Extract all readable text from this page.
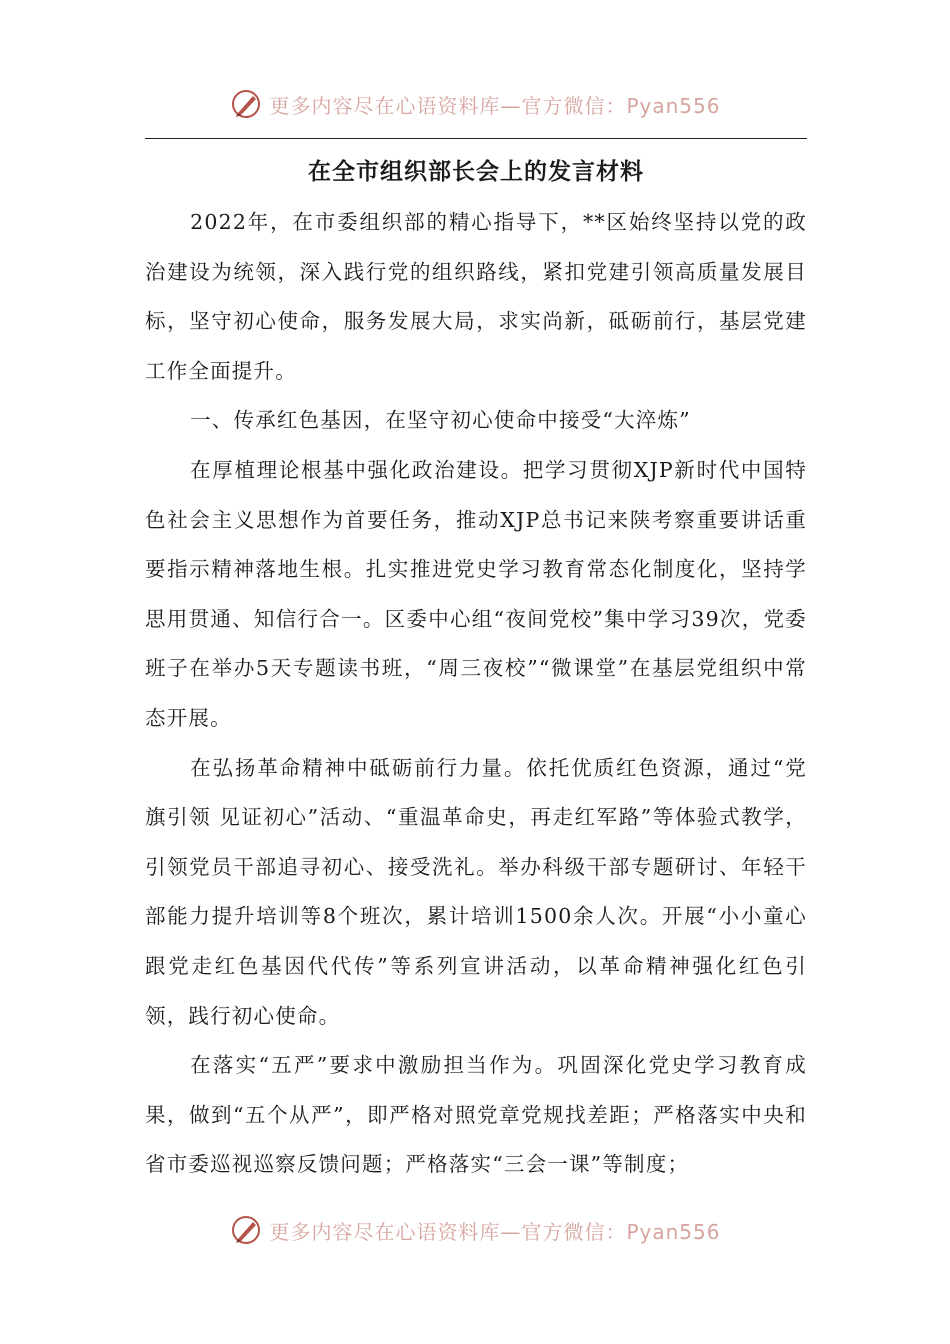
更多内容尽在心语资料库—官方微信：Pyan556
在全市组织部长会上的发言材料

2022年，在市委组织部的精心指导下，**区始终坚持以党的政治建设为统领，深入践行党的组织路线，紧扣党建引领高质量发展目标，坚守初心使命，服务发展大局，求实尚新，砥砺前行，基层党建工作全面提升。

一、传承红色基因，在坚守初心使命中接受“大淬炼”

在厚植理论根基中强化政治建设。把学习贯彻XJP新时代中国特色社会主义思想作为首要任务，推动XJP总书记来陕考察重要讲话重要指示精神落地生根。扎实推进党史学习教育常态化制度化，坚持学思用贯通、知信行合一。区委中心组“夜间党校”集中学习39次，党委班子在举办5天专题读书班，“周三夜校”“微课堂”在基层党组织中常态开展。

在弘扬革命精神中砥砺前行力量。依托优质红色资源，通过“党旗引领 见证初心”活动、“重温革命史，再走红军路”等体验式教学，引领党员干部追寻初心、接受洗礼。举办科级干部专题研讨、年轻干部能力提升培训等8个班次，累计培训1500余人次。开展“小小童心跟党走红色基因代代传”等系列宣讲活动，以革命精神强化红色引领，践行初心使命。

在落实“五严”要求中激励担当作为。巩固深化党史学习教育成果，做到“五个从严”，即严格对照党章党规找差距；严格落实中央和省市委巡视巡察反馈问题；严格落实“三会一课”等制度；

更多内容尽在心语资料库—官方微信：Pyan556
